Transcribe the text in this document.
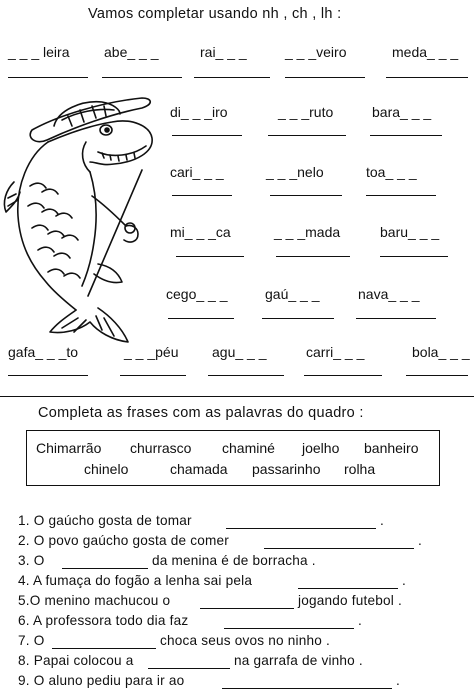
Vamos completar usando nh , ch , lh :
_ _ _ leira abe_ _ _	rai_ _ _	_ _ _veiro	meda_ _ _
di_ _ _iro	_ _ _ruto	bara_ _ _
cari_ _ _	_ _ _nelo	toa_ _ _
mi_ _ _ca	_ _ _mada	baru_ _ _
cego_ _ _	gaú_ _ _	nava_ _ _
gafa_ _ _to	_ _ _péu agu_ _ _	carri_ _ _	bola_ _ _
Completa as frases com as palavras do quadro :
Chimarrão churrasco chaminé joelho banheiro
chinelo	chamada passarinho rolha
1. O gaúcho gosta de tomar	.
2. O povo gaúcho gosta de comer	.
3. O	da menina é de borracha .
4. A fumaça do fogão a lenha sai pela	.
5.O menino machucou o	jogando futebol .
6. A professora todo dia faz	.
7. O	choca seus ovos no ninho .
8. Papai colocou a	na garrafa de vinho .
9. O aluno pediu para ir ao	.
